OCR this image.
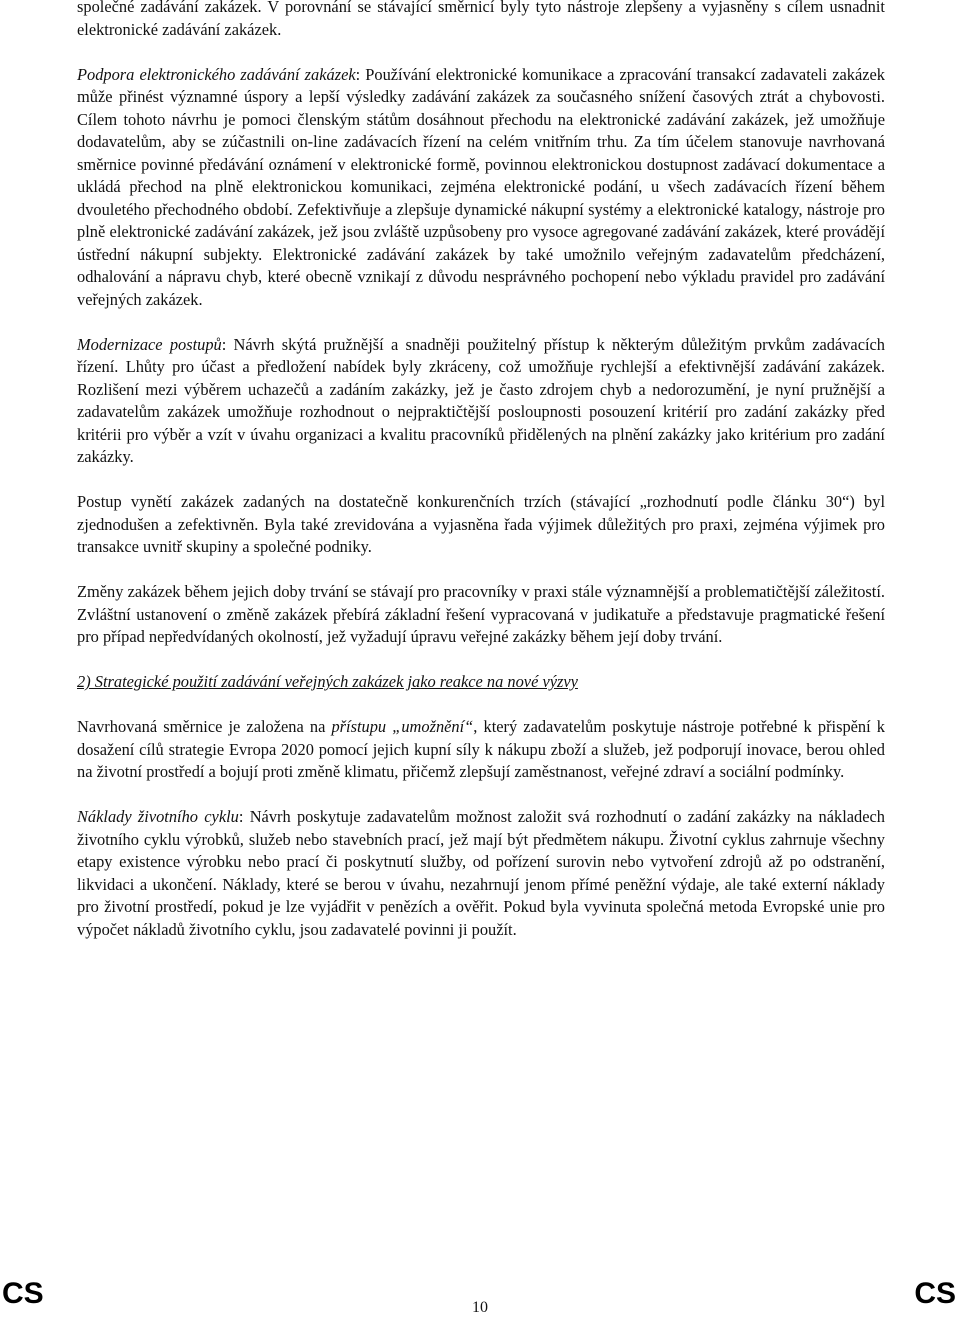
společné zadávání zakázek. V porovnání se stávající směrnicí byly tyto nástroje zlepšeny a vyjasněny s cílem usnadnit elektronické zadávání zakázek.

Podpora elektronického zadávání zakázek: Používání elektronické komunikace a zpracování transakcí zadavateli zakázek může přinést významné úspory a lepší výsledky zadávání zakázek za současného snížení časových ztrát a chybovosti. Cílem tohoto návrhu je pomoci členským státům dosáhnout přechodu na elektronické zadávání zakázek, jež umožňuje dodavatelům, aby se zúčastnili on-line zadávacích řízení na celém vnitřním trhu. Za tím účelem stanovuje navrhovaná směrnice povinné předávání oznámení v elektronické formě, povinnou elektronickou dostupnost zadávací dokumentace a ukládá přechod na plně elektronickou komunikaci, zejména elektronické podání, u všech zadávacích řízení během dvouletého přechodného období. Zefektivňuje a zlepšuje dynamické nákupní systémy a elektronické katalogy, nástroje pro plně elektronické zadávání zakázek, jež jsou zvláště uzpůsobeny pro vysoce agregované zadávání zakázek, které provádějí ústřední nákupní subjekty. Elektronické zadávání zakázek by také umožnilo veřejným zadavatelům předcházení, odhalování a nápravu chyb, které obecně vznikají z důvodu nesprávného pochopení nebo výkladu pravidel pro zadávání veřejných zakázek.

Modernizace postupů: Návrh skýtá pružnější a snadněji použitelný přístup k některým důležitým prvkům zadávacích řízení. Lhůty pro účast a předložení nabídek byly zkráceny, což umožňuje rychlejší a efektivnější zadávání zakázek. Rozlišení mezi výběrem uchazečů a zadáním zakázky, jež je často zdrojem chyb a nedorozumění, je nyní pružnější a zadavatelům zakázek umožňuje rozhodnout o nejpraktičtější posloupnosti posouzení kritérií pro zadání zakázky před kritérii pro výběr a vzít v úvahu organizaci a kvalitu pracovníků přidělených na plnění zakázky jako kritérium pro zadání zakázky.

Postup vynětí zakázek zadaných na dostatečně konkurenčních trzích (stávající „rozhodnutí podle článku 30“) byl zjednodušen a zefektivněn. Byla také zrevidována a vyjasněna řada výjimek důležitých pro praxi, zejména výjimek pro transakce uvnitř skupiny a společné podniky.

Změny zakázek během jejich doby trvání se stávají pro pracovníky v praxi stále významnější a problematičtější záležitostí. Zvláštní ustanovení o změně zakázek přebírá základní řešení vypracovaná v judikatuře a představuje pragmatické řešení pro případ nepředvídaných okolností, jež vyžadují úpravu veřejné zakázky během její doby trvání.

2) Strategické použití zadávání veřejných zakázek jako reakce na nové výzvy

Navrhovaná směrnice je založena na přístupu „umožnění“, který zadavatelům poskytuje nástroje potřebné k přispění k dosažení cílů strategie Evropa 2020 pomocí jejich kupní síly k nákupu zboží a služeb, jež podporují inovace, berou ohled na životní prostředí a bojují proti změně klimatu, přičemž zlepšují zaměstnanost, veřejné zdraví a sociální podmínky.

Náklady životního cyklu: Návrh poskytuje zadavatelům možnost založit svá rozhodnutí o zadání zakázky na nákladech životního cyklu výrobků, služeb nebo stavebních prací, jež mají být předmětem nákupu. Životní cyklus zahrnuje všechny etapy existence výrobku nebo prací či poskytnutí služby, od pořízení surovin nebo vytvoření zdrojů až po odstranění, likvidaci a ukončení. Náklady, které se berou v úvahu, nezahrnují jenom přímé peněžní výdaje, ale také externí náklady pro životní prostředí, pokud je lze vyjádřit v penězích a ověřit. Pokud byla vyvinuta společná metoda Evropské unie pro výpočet nákladů životního cyklu, jsou zadavatelé povinni ji použít.

CS	10	CS
